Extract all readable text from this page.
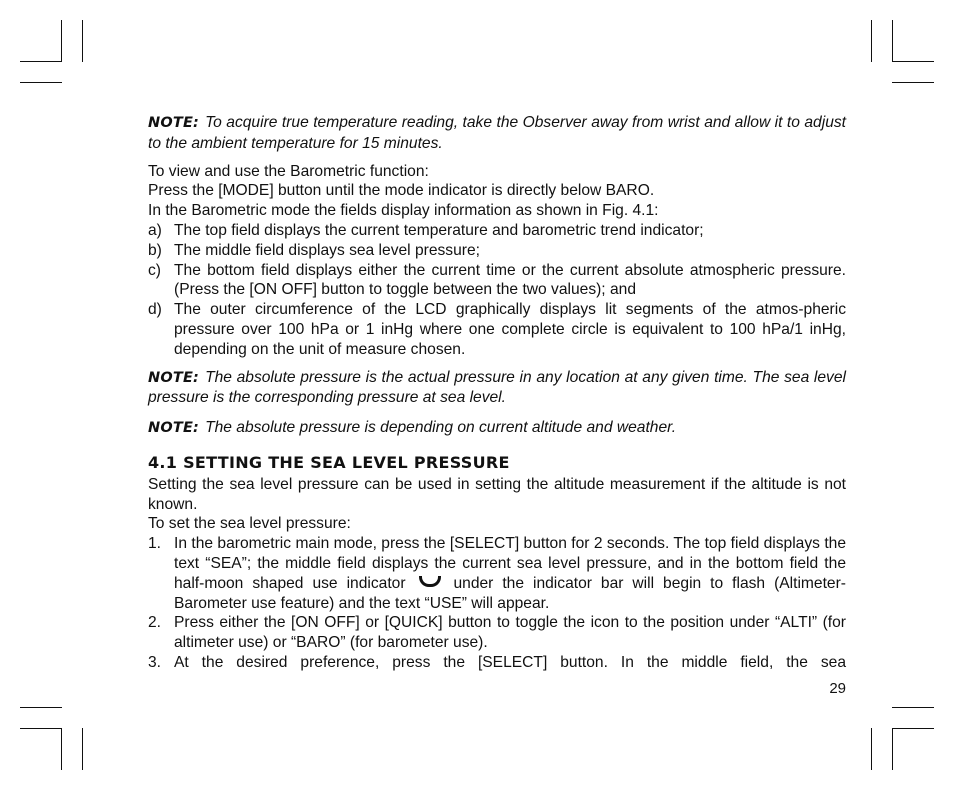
NOTE: To acquire true temperature reading, take the Observer away from wrist and allow it to adjust to the ambient temperature for 15 minutes.

To view and use the Barometric function:

Press the [MODE] button until the mode indicator is directly below BARO.

In the Barometric mode the fields display information as shown in Fig. 4.1:

a) The top field displays the current temperature and barometric trend indicator;
b) The middle field displays sea level pressure;
c) The bottom field displays either the current time or the current absolute atmospheric pressure. (Press the [ON OFF] button to toggle between the two values); and
d) The outer circumference of the LCD graphically displays lit segments of the atmos-pheric pressure over 100 hPa or 1 inHg where one complete circle is equivalent to 100 hPa/1 inHg, depending on the unit of measure chosen.

NOTE: The absolute pressure is the actual pressure in any location at any given time. The sea level pressure is the corresponding pressure at sea level.

NOTE: The absolute pressure is depending on current altitude and weather.

4.1 SETTING THE SEA LEVEL PRESSURE

Setting the sea level pressure can be used in setting the altitude measurement if the altitude is not known.

To set the sea level pressure:

1. In the barometric main mode, press the [SELECT] button for 2 seconds. The top field displays the text “SEA”; the middle field displays the current sea level pressure, and in the bottom field the half-moon shaped use indicator	under the indicator bar will begin to flash (Altimeter-Barometer use feature) and the text “USE” will appear.
2. Press either the [ON OFF] or [QUICK] button to toggle the icon to the position under “ALTI” (for altimeter use) or “BARO” (for barometer use).
3. At the desired preference, press the [SELECT] button. In the middle field, the sea
29
